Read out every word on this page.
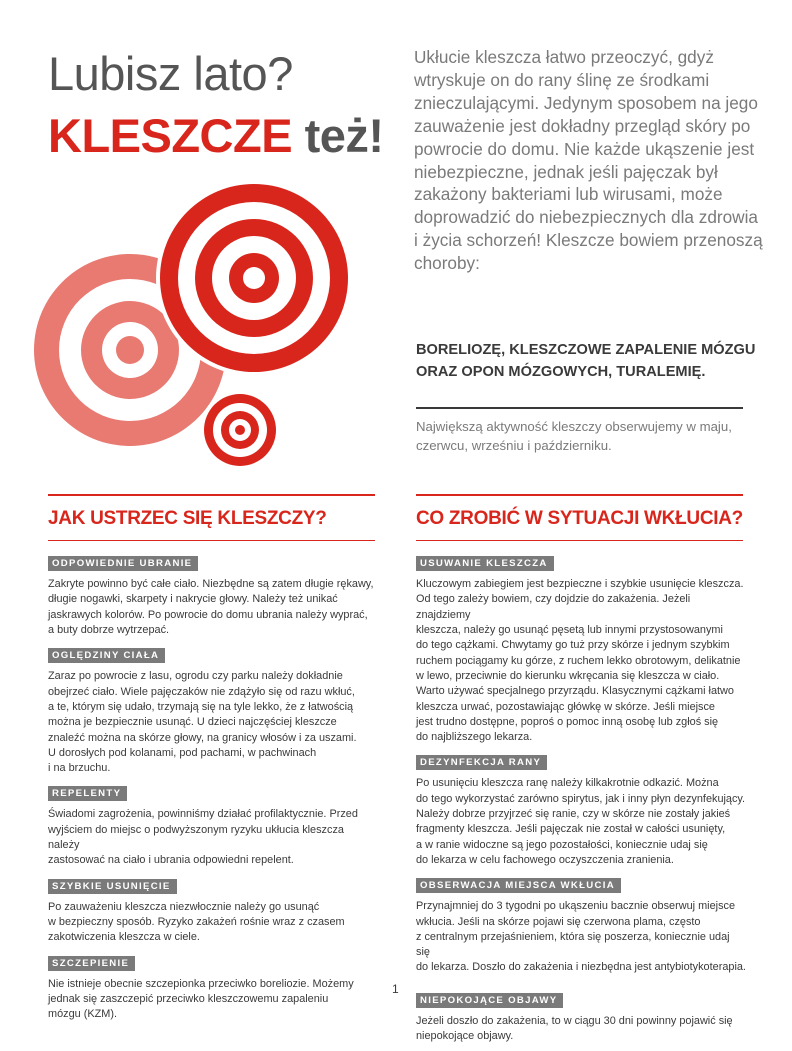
Lubisz lato?
KLESZCZE też!

Ukłucie kleszcza łatwo przeoczyć, gdyż wtryskuje on do rany ślinę ze środkami znieczulającymi. Jedynym sposobem na jego zauważenie jest dokładny przegląd skóry po powrocie do domu. Nie każde ukąszenie jest niebezpieczne, jednak jeśli pajęczak był zakażony bakteriami lub wirusami, może doprowadzić do niebezpiecznych dla zdrowia i życia schorzeń! Kleszcze bowiem przenoszą choroby:

BORELIOZĘ, KLESZCZOWE ZAPALENIE MÓZGU ORAZ OPON MÓZGOWYCH, TURALEMIĘ.

Największą aktywność kleszczy obserwujemy w maju, czerwcu, wrześniu i październiku.

JAK USTRZEC SIĘ KLESZCZY?
ODPOWIEDNIE UBRANIE

Zakryte powinno być całe ciało. Niezbędne są zatem długie rękawy,
długie nogawki, skarpety i nakrycie głowy. Należy też unikać
jaskrawych kolorów. Po powrocie do domu ubrania należy wyprać,
a buty dobrze wytrzepać.

OGLĘDZINY CIAŁA

Zaraz po powrocie z lasu, ogrodu czy parku należy dokładnie
obejrzeć ciało. Wiele pajęczaków nie zdążyło się od razu wkłuć,
a te, którym się udało, trzymają się na tyle lekko, że z łatwością
można je bezpiecznie usunąć. U dzieci najczęściej kleszcze
znaleźć można na skórze głowy, na granicy włosów i za uszami.
U dorosłych pod kolanami, pod pachami, w pachwinach
i na brzuchu.

REPELENTY

Świadomi zagrożenia, powinniśmy działać profilaktycznie. Przed
wyjściem do miejsc o podwyższonym ryzyku ukłucia kleszcza należy
zastosować na ciało i ubrania odpowiedni repelent.

SZYBKIE USUNIĘCIE

Po zauważeniu kleszcza niezwłocznie należy go usunąć
w bezpieczny sposób. Ryzyko zakażeń rośnie wraz z czasem
zakotwiczenia kleszcza w ciele.

SZCZEPIENIE

Nie istnieje obecnie szczepionka przeciwko boreliozie. Możemy
jednak się zaszczepić przeciwko kleszczowemu zapaleniu
mózgu (KZM).

CO ZROBIĆ W SYTUACJI WKŁUCIA?
USUWANIE KLESZCZA

Kluczowym zabiegiem jest bezpieczne i szybkie usunięcie kleszcza.
Od tego zależy bowiem, czy dojdzie do zakażenia. Jeżeli znajdziemy
kleszcza, należy go usunąć pęsetą lub innymi przystosowanymi
do tego cążkami. Chwytamy go tuż przy skórze i jednym szybkim
ruchem pociągamy ku górze, z ruchem lekko obrotowym, delikatnie
w lewo, przeciwnie do kierunku wkręcania się kleszcza w ciało.
Warto używać specjalnego przyrządu. Klasycznymi cążkami łatwo
kleszcza urwać, pozostawiając główkę w skórze. Jeśli miejsce
jest trudno dostępne, poproś o pomoc inną osobę lub zgłoś się
do najbliższego lekarza.

DEZYNFEKCJA RANY

Po usunięciu kleszcza ranę należy kilkakrotnie odkazić. Można
do tego wykorzystać zarówno spirytus, jak i inny płyn dezynfekujący.
Należy dobrze przyjrzeć się ranie, czy w skórze nie zostały jakieś
fragmenty kleszcza. Jeśli pajęczak nie został w całości usunięty,
a w ranie widoczne są jego pozostałości, koniecznie udaj się
do lekarza w celu fachowego oczyszczenia zranienia.

OBSERWACJA MIEJSCA WKŁUCIA

Przynajmniej do 3 tygodni po ukąszeniu bacznie obserwuj miejsce
wkłucia. Jeśli na skórze pojawi się czerwona plama, często
z centralnym przejaśnieniem, która się poszerza, koniecznie udaj się
do lekarza. Doszło do zakażenia i niezbędna jest antybiotykoterapia.

NIEPOKOJĄCE OBJAWY

Jeżeli doszło do zakażenia, to w ciągu 30 dni powinny pojawić się
niepokojące objawy.

1
